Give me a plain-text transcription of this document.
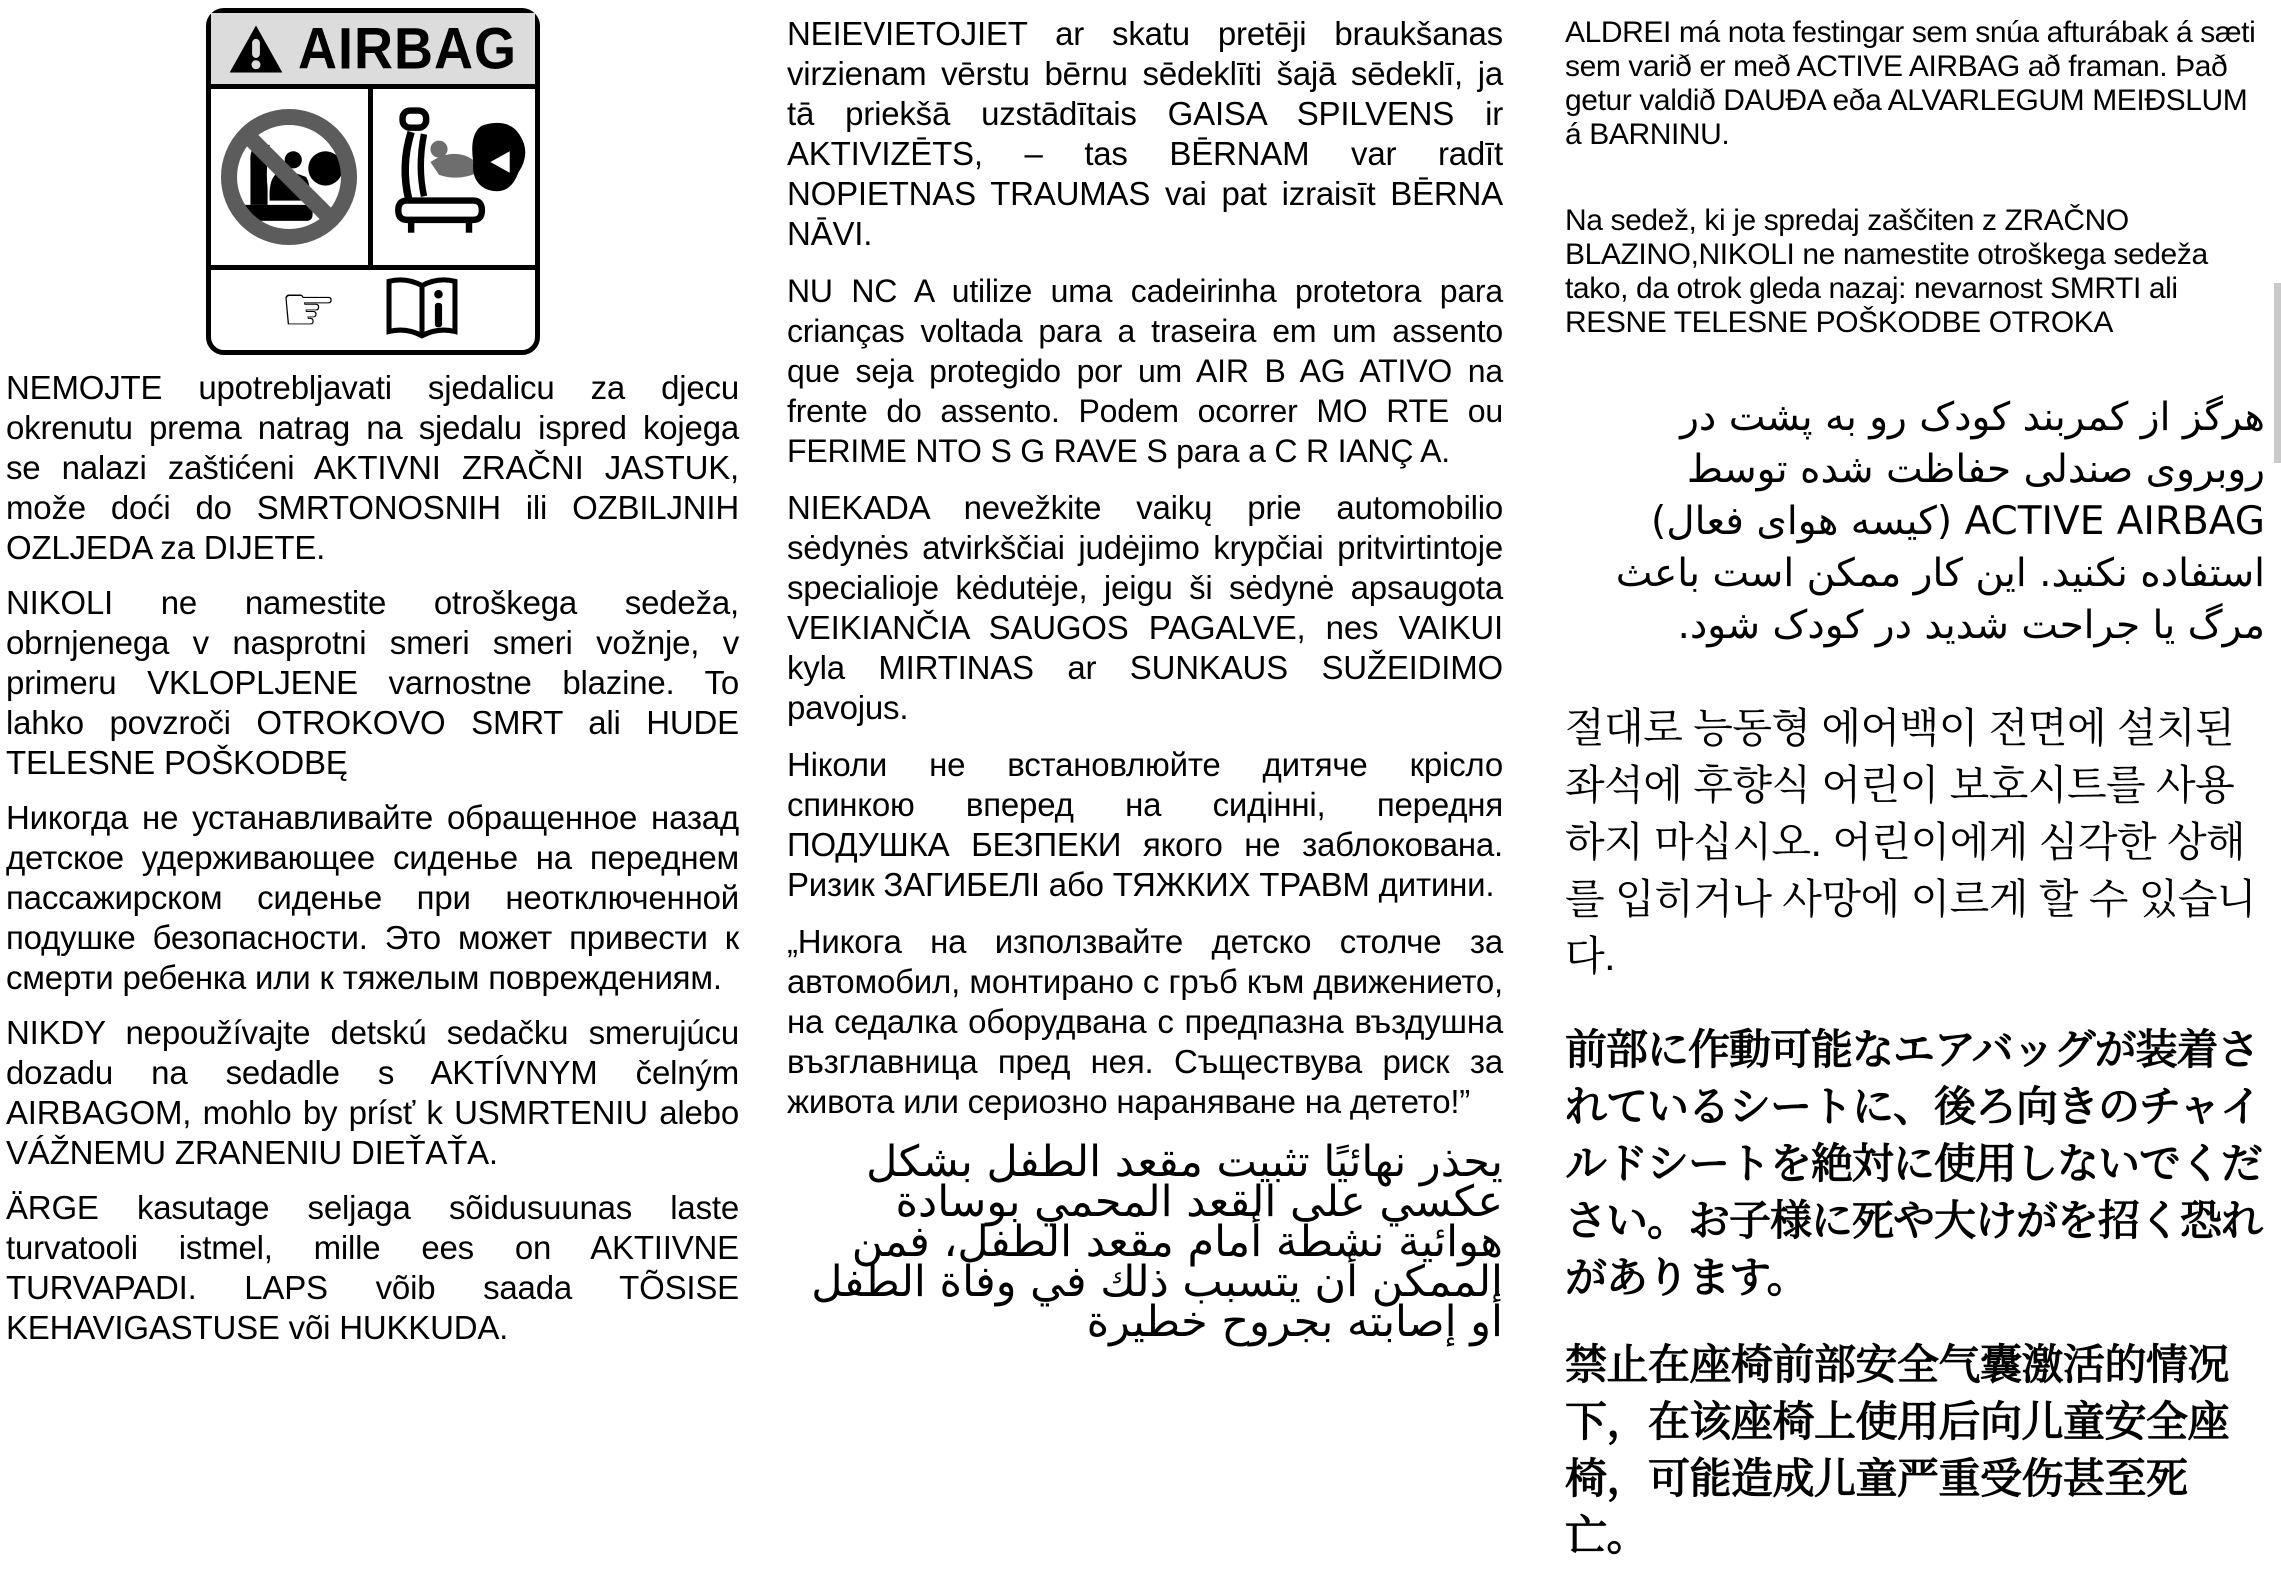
AIRBAG
☞

NEMOJTE upotrebljavati sjedalicu za djecu okrenutu prema natrag na sjedalu ispred kojega se nalazi zaštićeni AKTIVNI ZRAČNI JASTUK, može doći do SMRTONOSNIH ili OZBILJNIH OZLJEDA za DIJETE.

NIKOLI ne namestite otroškega sedeža, obrnjenega v nasprotni smeri smeri vožnje, v primeru VKLOPLJENE varnostne blazine. To lahko povzroči OTROKOVO SMRT ali HUDE TELESNE POŠKODBĘ

Никогда не устанавливайте обращенное назад детское удерживающее сиденье на переднем пассажирском сиденье при неотключенной подушке безопасности. Это может привести к смерти ребенка или к тяжелым повреждениям.

NIKDY nepoužívajte detskú sedačku smerujúcu dozadu na sedadle s AKTÍVNYM čelným AIRBAGOM, mohlo by prísť k USMRTENIU alebo VÁŽNEMU ZRANENIU DIEŤAŤA.

ÄRGE kasutage seljaga sõidusuunas laste turvatooli istmel, mille ees on AKTIIVNE TURVAPADI. LAPS võib saada TÕSISE KEHAVIGASTUSE või HUKKUDA.

NEIEVIETOJIET ar skatu pretēji braukšanas virzienam vērstu bērnu sēdeklīti šajā sēdeklī, ja tā priekšā uzstādītais GAISA SPILVENS ir AKTIVIZĒTS, – tas BĒRNAM var radīt NOPIETNAS TRAUMAS vai pat izraisīt BĒRNA NĀVI.

NU NC A utilize uma cadeirinha protetora para crianças voltada para a traseira em um assento que seja protegido por um AIR B AG ATIVO na frente do assento. Podem ocorrer MO RTE ou FERIME NTO S G RAVE S para a C R IANÇ A.

NIEKADA nevežkite vaikų prie automobilio sėdynės atvirkščiai judėjimo krypčiai pritvirtintoje specialioje kėdutėje, jeigu ši sėdynė apsaugota VEIKIANČIA SAUGOS PAGALVE, nes VAIKUI kyla MIRTINAS ar SUNKAUS SUŽEIDIMO pavojus.

Ніколи не встановлюйте дитяче крісло спинкою вперед на сидінні, передня ПОДУШКА БЕЗПЕКИ якого не заблокована. Ризик ЗАГИБЕЛІ або ТЯЖКИХ ТРАВМ дитини.

„Никога на използвайте детско столче за автомобил, монтирано с гръб към движението, на седалка оборудвана с предпазна въздушна възглавница пред нея. Съществува риск за живота или сериозно нараняване на детето!”

يحذر نهائيًا تثبيت مقعد الطفل بشكل عكسي على القعد المحمي بوسادة هوائية نشطة أمام مقعد الطفل، فمن الممكن أن يتسبب ذلك في وفاة الطفل أو إصابته بجروح خطيرة

ALDREI má nota festingar sem snúa afturábak á sæti sem varið er með ACTIVE AIRBAG að framan. Það getur valdið DAUÐA eða ALVARLEGUM MEIÐSLUM á BARNINU.

Na sedež, ki je spredaj zaščiten z ZRAČNO BLAZINO,NIKOLI ne namestite otroškega sedeža tako, da otrok gleda nazaj: nevarnost SMRTI ali RESNE TELESNE POŠKODBE OTROKA

هرگز از کمربند کودک رو به پشت در روبروی صندلی حفاظت شده توسط ACTIVE AIRBAG (کیسه هوای فعال) استفاده نکنید. این کار ممکن است باعث مرگ یا جراحت شدید در کودک شود.

절대로 능동형 에어백이 전면에 설치된 좌석에 후향식 어린이 보호시트를 사용하지 마십시오. 어린이에게 심각한 상해를 입히거나 사망에 이르게 할 수 있습니다.

前部に作動可能なエアバッグが装着されているシートに、後ろ向きのチャイルドシートを絶対に使用しないでください。お子様に死や大けがを招く恐れがあります。

禁止在座椅前部安全气囊激活的情况下，在该座椅上使用后向儿童安全座椅，可能造成儿童严重受伤甚至死亡。
